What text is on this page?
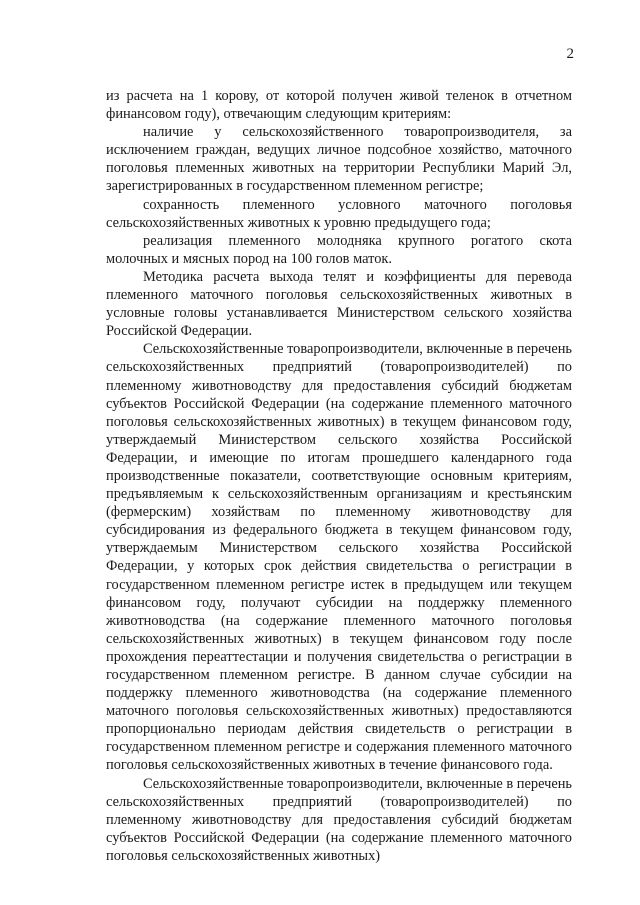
2

из расчета на 1 корову, от которой получен живой теленок в отчетном финансовом году), отвечающим следующим критериям:

наличие у сельскохозяйственного товаропроизводителя, за исключением граждан, ведущих личное подсобное хозяйство, маточного поголовья племенных животных на территории Республики Марий Эл, зарегистрированных в государственном племенном регистре;

сохранность племенного условного маточного поголовья сельскохозяйственных животных к уровню предыдущего года;

реализация племенного молодняка крупного рогатого скота молочных и мясных пород на 100 голов маток.

Методика расчета выхода телят и коэффициенты для перевода племенного маточного поголовья сельскохозяйственных животных в условные головы устанавливается Министерством сельского хозяйства Российской Федерации.

Сельскохозяйственные товаропроизводители, включенные в перечень сельскохозяйственных предприятий (товаропроизводителей) по племенному животноводству для предоставления субсидий бюджетам субъектов Российской Федерации (на содержание племенного маточного поголовья сельскохозяйственных животных) в текущем финансовом году, утверждаемый Министерством сельского хозяйства Российской Федерации, и имеющие по итогам прошедшего календарного года производственные показатели, соответствующие основным критериям, предъявляемым к сельскохозяйственным организациям и крестьянским (фермерским) хозяйствам по племенному животноводству для субсидирования из федерального бюджета в текущем финансовом году, утверждаемым Министерством сельского хозяйства Российской Федерации, у которых срок действия свидетельства о регистрации в государственном племенном регистре истек в предыдущем или текущем финансовом году, получают субсидии на поддержку племенного животноводства (на содержание племенного маточного поголовья сельскохозяйственных животных) в текущем финансовом году после прохождения переаттестации и получения свидетельства о регистрации в государственном племенном регистре. В данном случае субсидии на поддержку племенного животноводства (на содержание племенного маточного поголовья сельскохозяйственных животных) предоставляются пропорционально периодам действия свидетельств о регистрации в государственном племенном регистре и содержания племенного маточного поголовья сельскохозяйственных животных в течение финансового года.

Сельскохозяйственные товаропроизводители, включенные в перечень сельскохозяйственных предприятий (товаропроизводителей) по племенному животноводству для предоставления субсидий бюджетам субъектов Российской Федерации (на содержание племенного маточного поголовья сельскохозяйственных животных)
